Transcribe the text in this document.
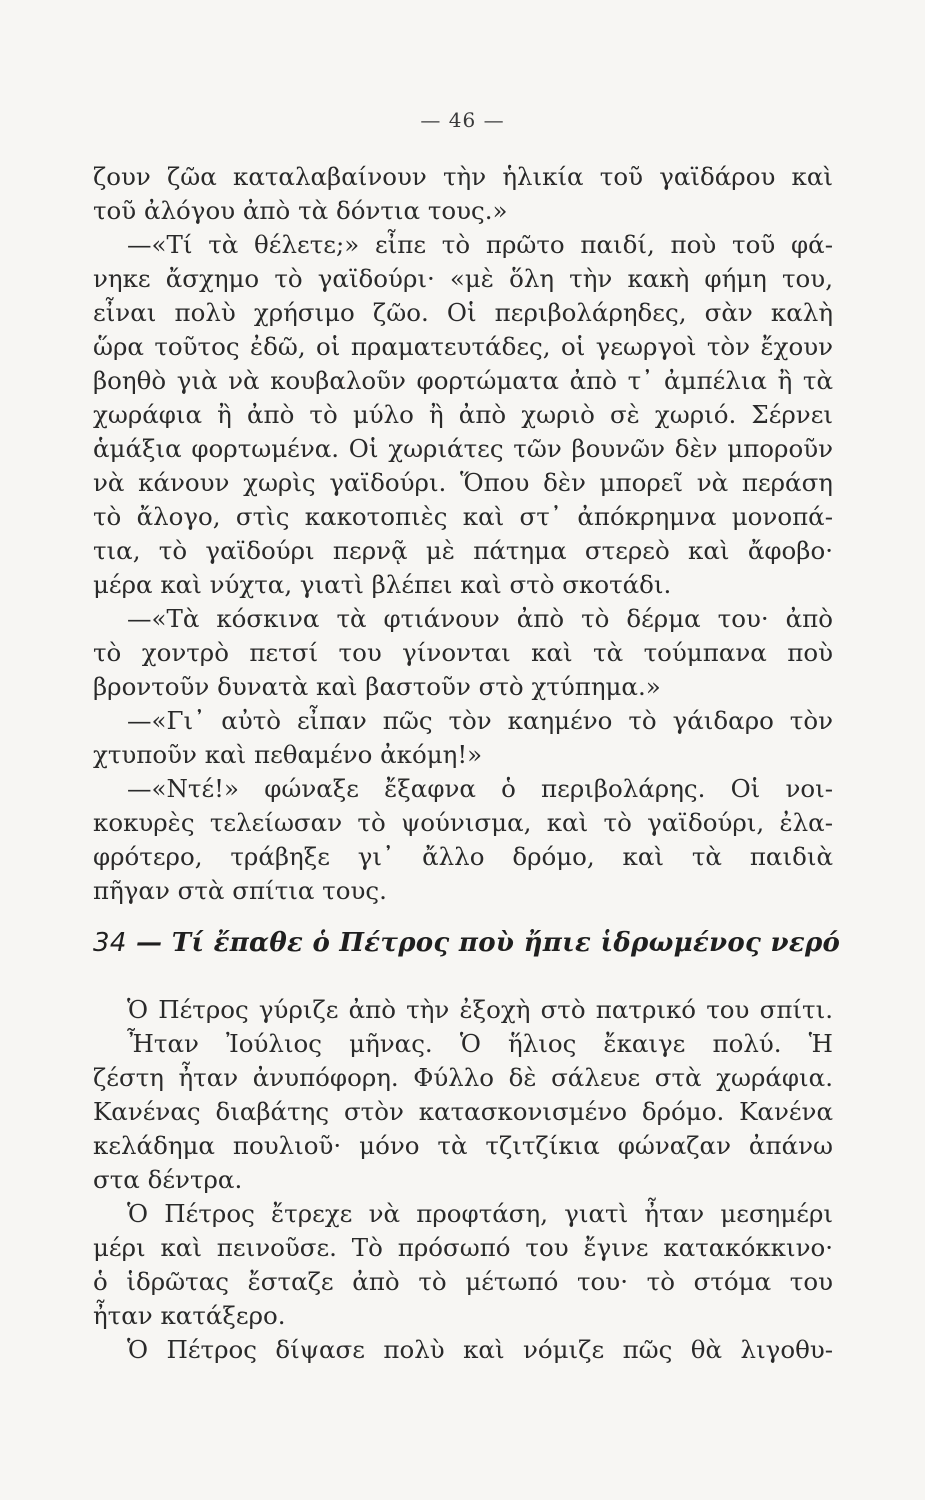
— 46 —
ζουν ζῶα καταλαβαίνουν τὴν ἡλικία τοῦ γαϊδάρου καὶ
τοῦ ἀλόγου ἀπὸ τὰ δόντια τους.»
—«Τί τὰ θέλετε;» εἶπε τὸ πρῶτο παιδί, ποὺ τοῦ φά-
νηκε ἄσχημο τὸ γαϊδούρι· «μὲ ὅλη τὴν κακὴ φήμη του,
εἶναι πολὺ χρήσιμο ζῶο. Οἱ περιβολάρηδες, σὰν καλὴ
ὥρα τοῦτος ἐδῶ, οἱ πραματευτάδες, οἱ γεωργοὶ τὸν ἔχουν
βοηθὸ γιὰ νὰ κουβαλοῦν φορτώματα ἀπὸ τ᾽ ἀμπέλια ἢ τὰ
χωράφια ἢ ἀπὸ τὸ μύλο ἢ ἀπὸ χωριὸ σὲ χωριό. Σέρνει
ἁμάξια φορτωμένα. Οἱ χωριάτες τῶν βουνῶν δὲν μποροῦν
νὰ κάνουν χωρὶς γαϊδούρι. Ὅπου δὲν μπορεῖ νὰ περάση
τὸ ἄλογο, στὶς κακοτοπιὲς καὶ στ᾽ ἀπόκρημνα μονοπά-
τια, τὸ γαϊδούρι περνᾷ μὲ πάτημα στερεὸ καὶ ἄφοβο·
μέρα καὶ νύχτα, γιατὶ βλέπει καὶ στὸ σκοτάδι.
—«Τὰ κόσκινα τὰ φτιάνουν ἀπὸ τὸ δέρμα του· ἀπὸ
τὸ χοντρὸ πετσί του γίνονται καὶ τὰ τούμπανα ποὺ
βροντοῦν δυνατὰ καὶ βαστοῦν στὸ χτύπημα.»
—«Γι᾽ αὐτὸ εἶπαν πῶς τὸν καημένο τὸ γάιδαρο τὸν
χτυποῦν καὶ πεθαμένο ἀκόμη!»
—«Ντέ!» φώναξε ἔξαφνα ὁ περιβολάρης. Οἱ νοι-
κοκυρὲς τελείωσαν τὸ ψούνισμα, καὶ τὸ γαϊδούρι, ἐλα-
φρότερο, τράβηξε γι᾽ ἄλλο δρόμο, καὶ τὰ παιδιὰ
πῆγαν στὰ σπίτια τους.
34 — Τί ἔπαθε ὁ Πέτρος ποὺ ἤπιε ἱδρωμένος νερό
Ὁ Πέτρος γύριζε ἀπὸ τὴν ἐξοχὴ στὸ πατρικό του σπίτι.
Ἦταν Ἰούλιος μῆνας. Ὁ ἥλιος ἔκαιγε πολύ. Ἡ
ζέστη ἦταν ἀνυπόφορη. Φύλλο δὲ σάλευε στὰ χωράφια.
Κανένας διαβάτης στὸν κατασκονισμένο δρόμο. Κανένα
κελάδημα πουλιοῦ· μόνο τὰ τζιτζίκια φώναζαν ἀπάνω
στα δέντρα.
Ὁ Πέτρος ἔτρεχε νὰ προφτάση, γιατὶ ἦταν μεσημέρι
μέρι καὶ πεινοῦσε. Τὸ πρόσωπό του ἔγινε κατακόκκινο·
ὁ ἱδρῶτας ἔσταζε ἀπὸ τὸ μέτωπό του· τὸ στόμα του
ἦταν κατάξερο.
Ὁ Πέτρος δίψασε πολὺ καὶ νόμιζε πῶς θὰ λιγοθυ-
